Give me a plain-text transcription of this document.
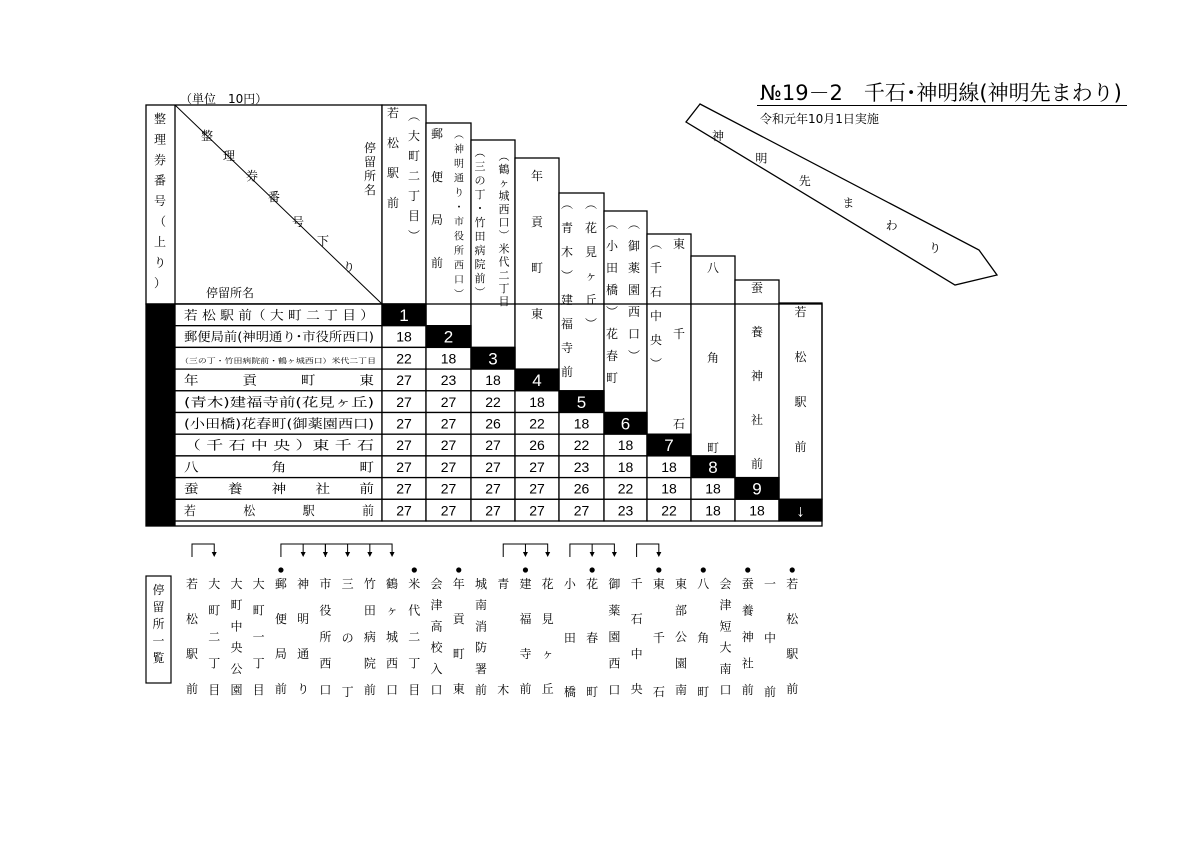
№19－2　千石･神明線(神明先まわり)
令和元年10月1日実施
（単位　10円）
神
明
先
ま
わ
り
整
理
券
番
号
（
上
り
）
整
理
券
番
号
下
り
停
留
所
名
停留所名
若
松
駅
前
︵
大
町
二
丁
目
︶
郵
便
局
前
︵
神
明
通
り
・
市
役
所
西
口
︶
︵
三
の
丁
・
竹
田
病
院
前
︶
︵
鶴
ヶ
城
西
口
︶
米
代
二
丁
目
年
貢
町
東
︵
青
木
︶
建
福
寺
前
︵
花
見
ヶ
丘
︶
︵
小
田
橋
︶
花
春
町
︵
御
薬
園
西
口
︶
︵
千
石
中
央
︶
東
千
石
八
角
町
蚕
養
神
社
前
若
松
駅
前
若 松 駅 前（ 大 町 二 丁 目 ） 1
郵便局前(神明通り･市役所西口) 18 2
（三の丁・竹田病院前・鶴ヶ城西口）米代二丁目	22 18 3
年　　　貢　　　町　　　東 27 23 18 4
(青木)建福寺前(花見ヶ丘) 27 27 22 18 5
(小田橋)花春町(御薬園西口) 27 27 26 22 18 6
（ 千 石 中 央 ）東 千 石 27 27 27 26 22 18 7
八　　　　　角　　　　　町 27 27 27 27 23 18 18 8
蚕　　養　　神　　社　　前 27 27 27 27 26 22 18 18 9
若　　　　松　　　　駅　　　　前 27 27 27 27 27 23 22 18 18 ↓
停
留
所
一
覧
若
松
駅
前
大
町
二
丁
目
大
町
中
央
公
園
大
町
一
丁
目
郵
便
局
前
神
明
通
り
市
役
所
西
口
三
の
丁
竹
田
病
院
前
鶴
ヶ
城
西
口
米
代
二
丁
目
会
津
高
校
入
口
年
貢
町
東
城
南
消
防
署
前
青
木
建
福
寺
前
花
見
ヶ
丘
小
田
橋
花
春
町
御
薬
園
西
口
千
石
中
央
東
千
石
東
部
公
園
南
八
角
町
会
津
短
大
南
口
蚕
養
神
社
前
一
中
前
若
松
駅
前
